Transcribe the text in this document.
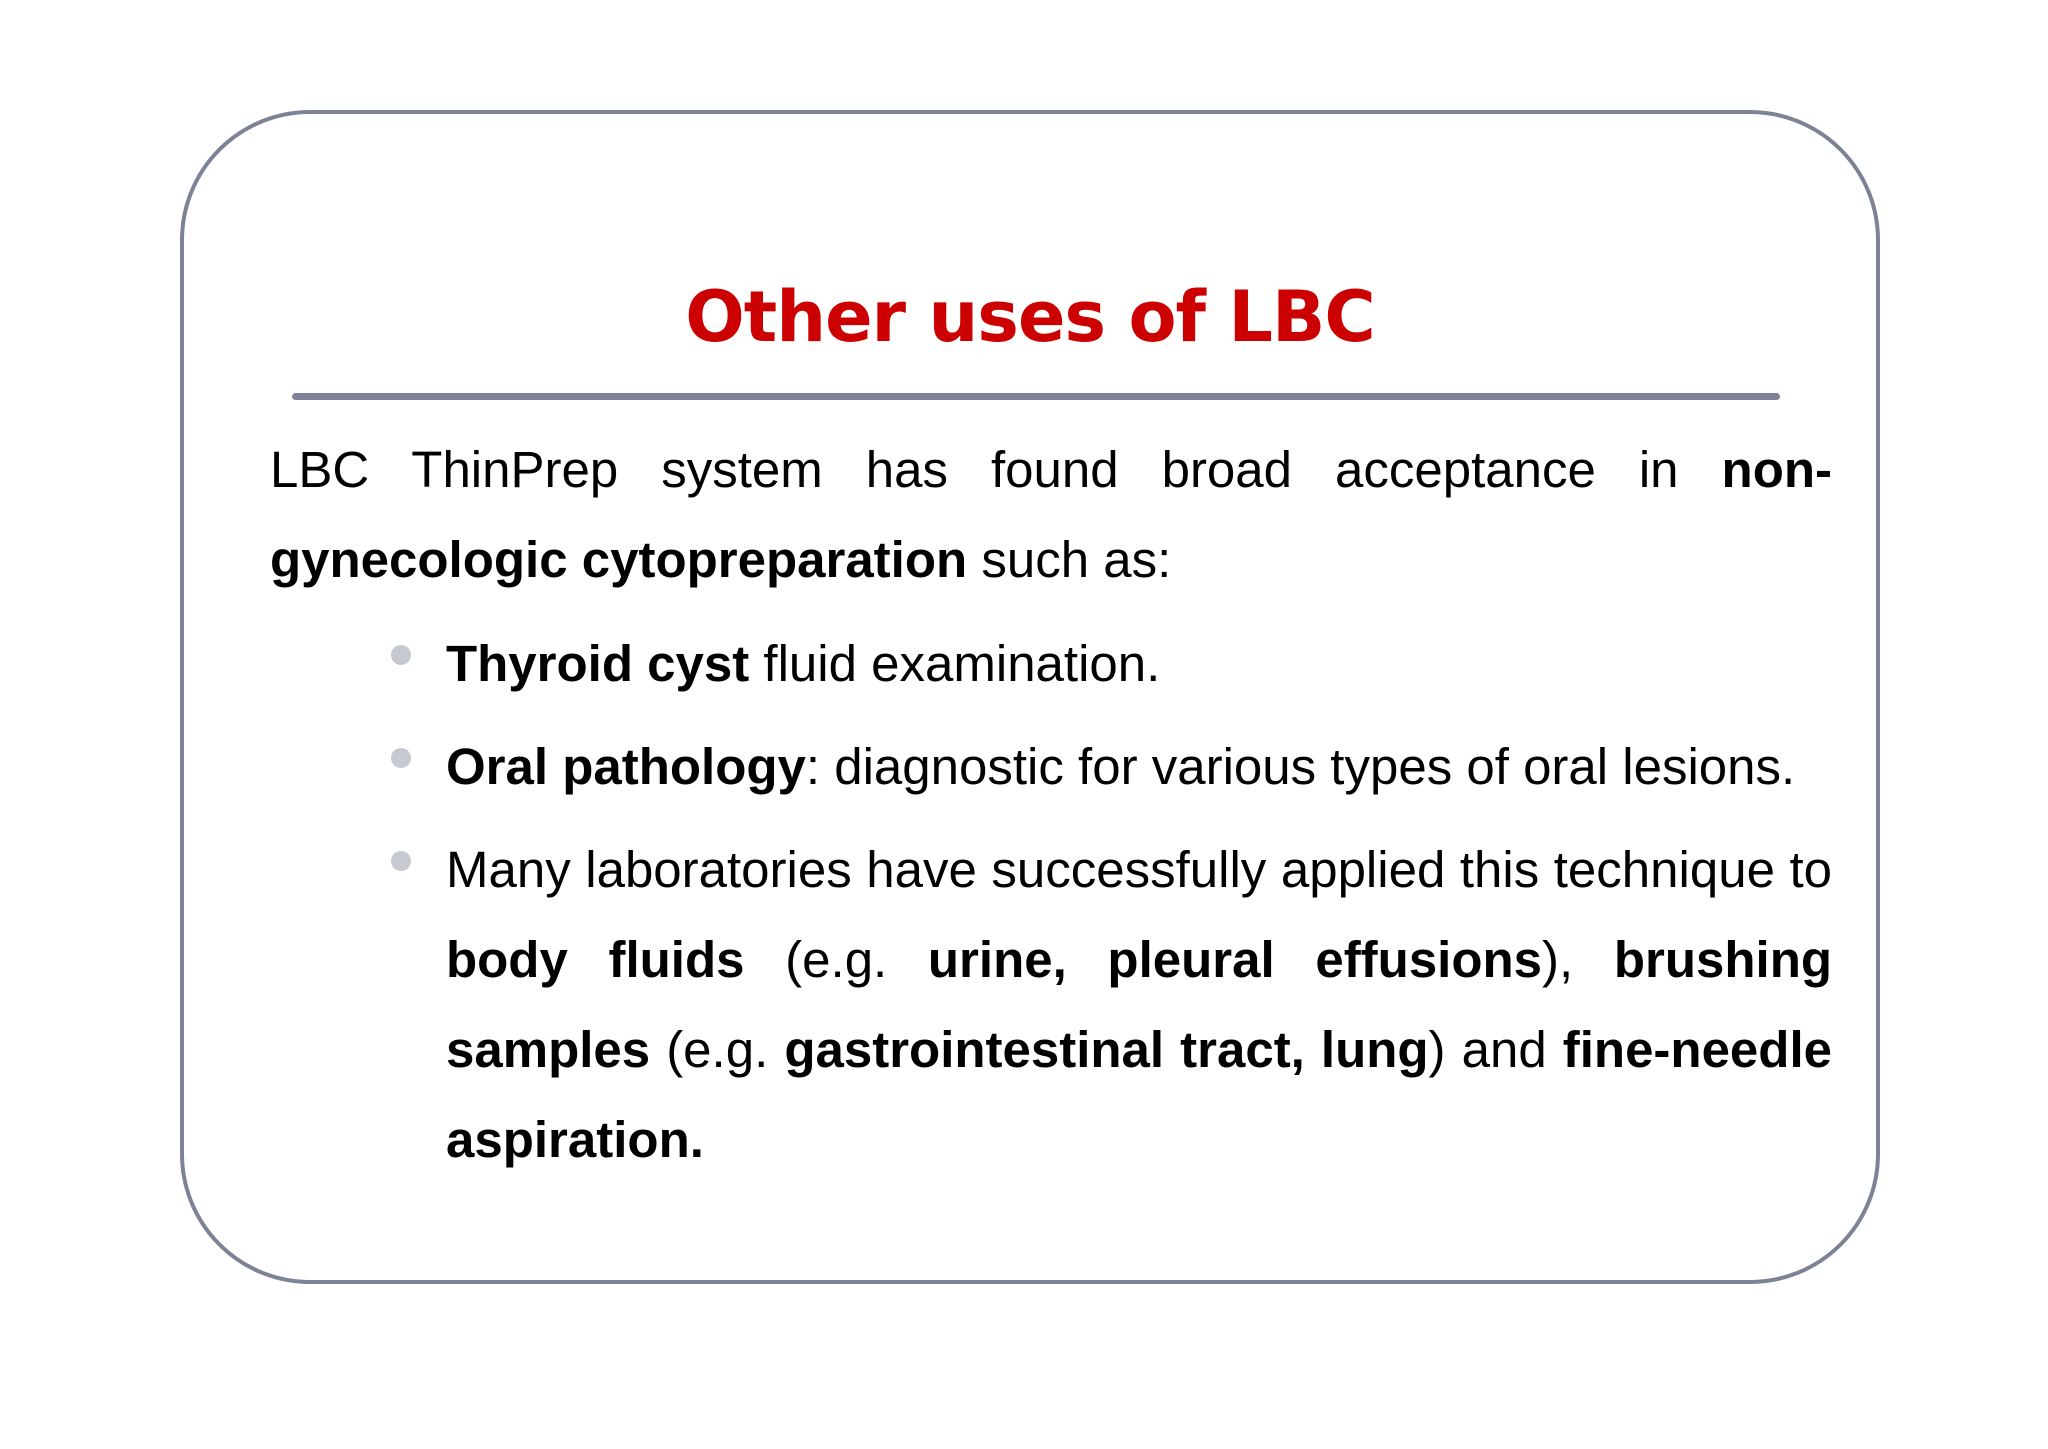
Other uses of LBC

LBC ThinPrep system has found broad acceptance in non-gynecologic cytopreparation such as:

Thyroid cyst fluid examination.
Oral pathology: diagnostic for various types of oral lesions.
Many laboratories have successfully applied this technique to body fluids (e.g. urine, pleural effusions), brushing samples (e.g. gastrointestinal tract, lung) and fine-needle aspiration.
